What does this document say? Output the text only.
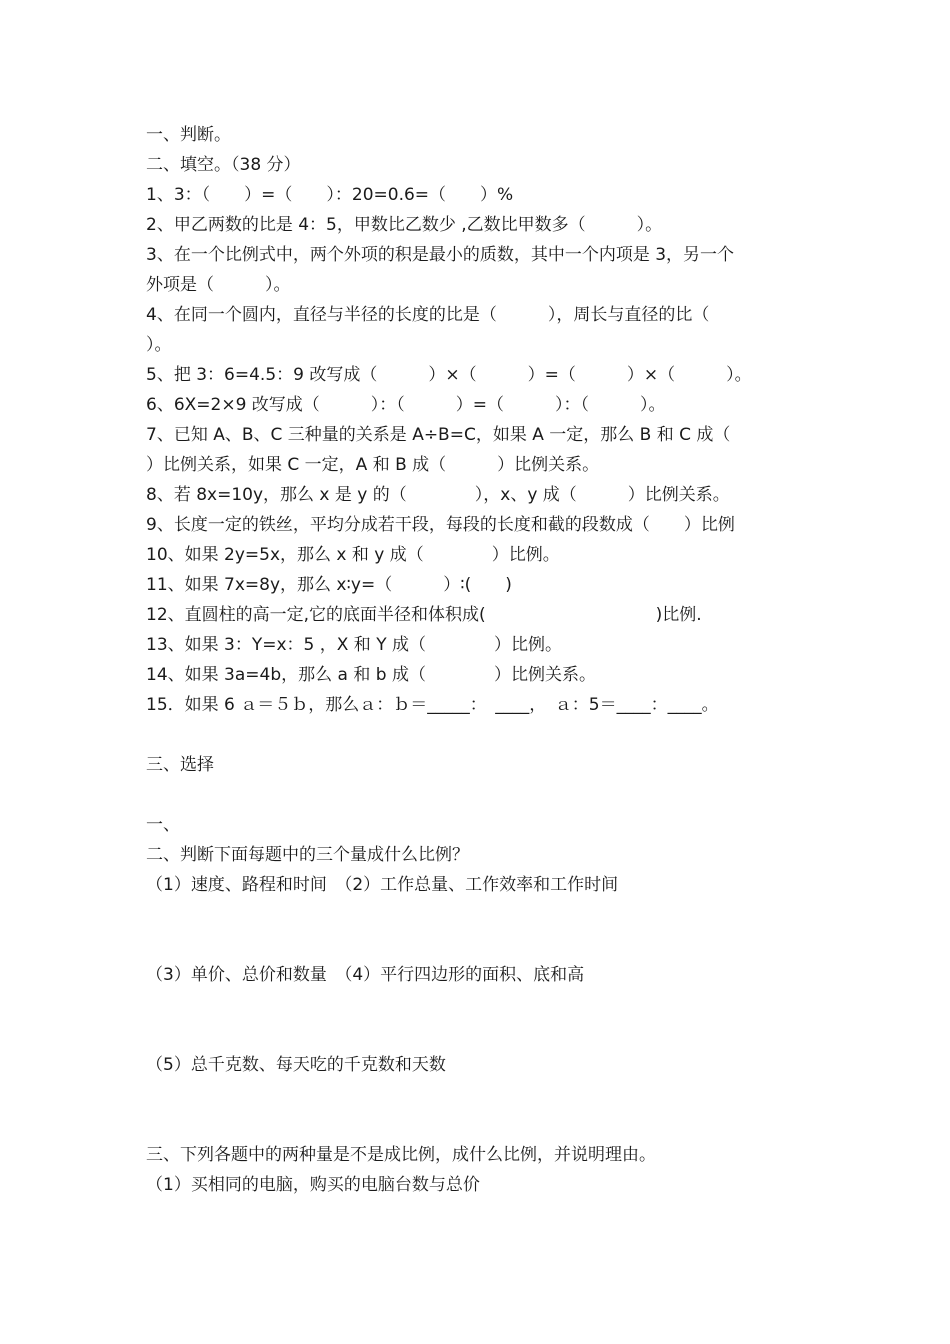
一、判断。
二、填空。（38 分）
1、3：（　　）=（　　）：20=0.6=（　　）%
2、甲乙两数的比是 4：5，甲数比乙数少 ,乙数比甲数多（　　　）。
3、在一个比例式中，两个外项的积是最小的质数，其中一个内项是 3，另一个
外项是（　　　）。
4、在同一个圆内，直径与半径的长度的比是（　　　），周长与直径的比（
）。
5、把 3：6=4.5：9 改写成（　　　）×（　　　）=（　　　）×（　　　）。
6、6X=2×9 改写成（　　　）：（　　　）=（　　　）：（　　　）。
7、已知 A、B、C 三种量的关系是 A÷B=C，如果 A 一定，那么 B 和 C 成（
）比例关系，如果 C 一定，A 和 B 成（　　　）比例关系。
8、若 8x=10y，那么 x 是 y 的（　　　　），x、y 成（　　　）比例关系。
9、长度一定的铁丝，平均分成若干段，每段的长度和截的段数成（　　）比例
10、如果 2y=5x，那么 x 和 y 成（　　　　）比例。
11、如果 7x=8y，那么 x∶y=（　　　）∶(　　)
12、直圆柱的高一定,它的底面半径和体积成(　　　　　　　　　　)比例.
13、如果 3：Y=x：5 ，X 和 Y 成（　　　　）比例。
14、如果 3a=4b，那么 a 和 b 成（　　　　）比例关系。
15．如果 6 ａ＝５ｂ，那么ａ：ｂ＝_____：　____，　ａ：5＝____：____。
三、选择
一、
二、判断下面每题中的三个量成什么比例？
（1）速度、路程和时间　（2）工作总量、工作效率和工作时间
（3）单价、总价和数量　（4）平行四边形的面积、底和高
（5）总千克数、每天吃的千克数和天数
三、下列各题中的两种量是不是成比例，成什么比例，并说明理由。
（1）买相同的电脑，购买的电脑台数与总价
